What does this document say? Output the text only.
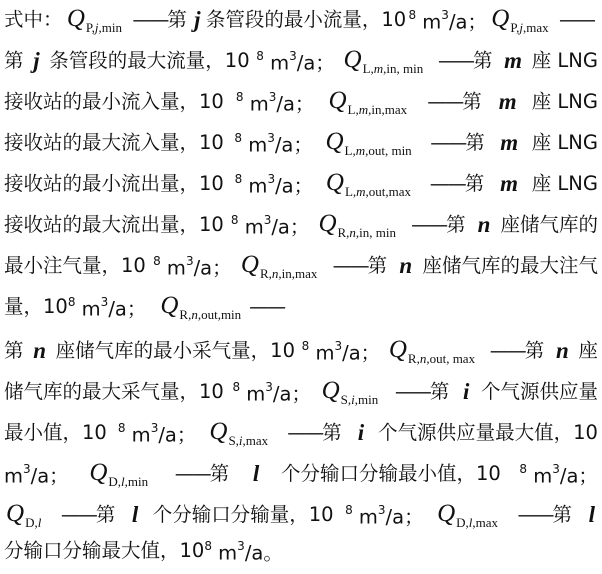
式中： Q P,j,min ——第 j 条管段的最小流量，10 $^8$ $m^3/a$； Q P,j,max ——
第 j 条管段的最大流量，10 $^8$ $m^3/a$； Q L,m,in, min ——第 m 座 LNG
接收站的最小流入量，10 $^8$ $m^3/a$； Q L,m,in,max ——第 m 座 LNG
接收站的最大流入量，10 $^8$ $m^3/a$； Q L,m,out, min ——第 m 座 LNG
接收站的最小流出量，10 $^8$ $m^3/a$； Q L,m,out,max ——第 m 座 LNG
接收站的最大流出量，10 $^8$ $m^3/a$； Q R,n,in, min ——第 n 座储气库的
最小注气量，10 $^8$ $m^3/a$； Q R,n,in,max ——第 n 座储气库的最大注气
量，10 $^8$ $m^3/a$； Q R,n,out,min ——
第 n 座储气库的最小采气量，10 $^8$ $m^3/a$； Q R,n,out, max ——第 n 座
储气库的最大采气量，10 $^8$ $m^3/a$； Q S,i,min ——第 i 个气源供应量
最小值，10 $^8$ $m^3/a$； Q S,i,max ——第 i 个气源供应量最大值，10
$m^3/a$； Q D,l,min ——第 l 个分输口分输最小值，10 $^8$ $m^3/a$；
Q D,l ——第 l 个分输口分输量，10 $^8$ $m^3/a$； Q D,l,max ——第 l
分输口分输最大值，10 $^8$ $m^3/a$。
